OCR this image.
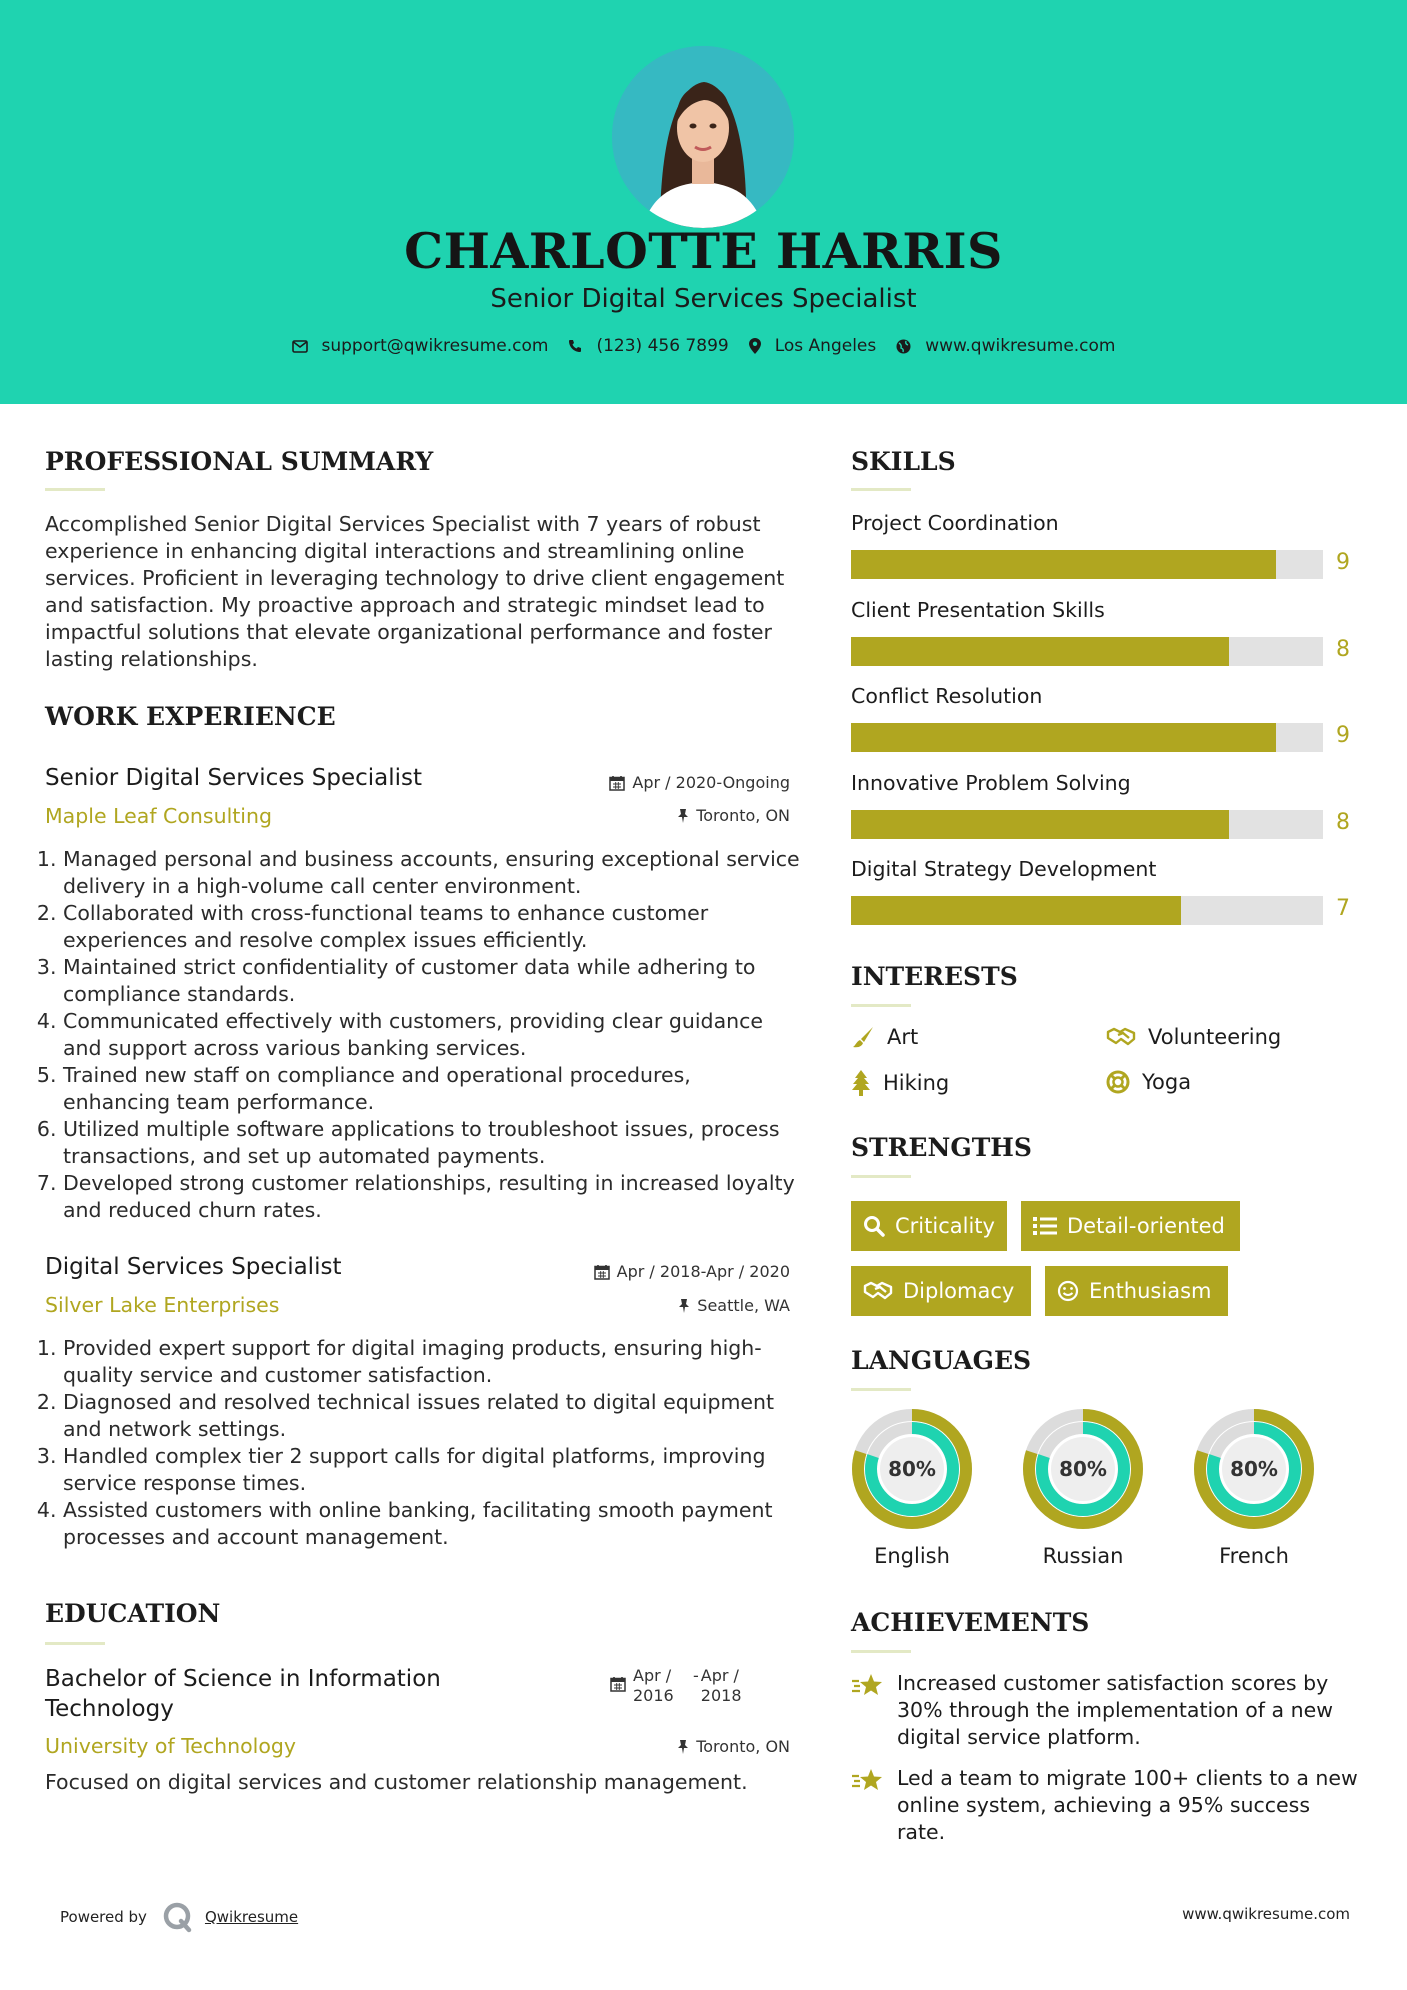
CHARLOTTE HARRIS
Senior Digital Services Specialist
support@qwikresume.com	(123) 456 7899	Los Angeles	www.qwikresume.com
PROFESSIONAL SUMMARY

Accomplished Senior Digital Services Specialist with 7 years of robust experience in enhancing digital interactions and streamlining online services. Proficient in leveraging technology to drive client engagement and satisfaction. My proactive approach and strategic mindset lead to impactful solutions that elevate organizational performance and foster lasting relationships.

WORK EXPERIENCE
Senior Digital Services Specialist	Apr / 2020-Ongoing
Maple Leaf Consulting	Toronto, ON
1. Managed personal and business accounts, ensuring exceptional service delivery in a high-volume call center environment.
2. Collaborated with cross-functional teams to enhance customer experiences and resolve complex issues efficiently.
3. Maintained strict confidentiality of customer data while adhering to compliance standards.
4. Communicated effectively with customers, providing clear guidance and support across various banking services.
5. Trained new staff on compliance and operational procedures, enhancing team performance.
6. Utilized multiple software applications to troubleshoot issues, process transactions, and set up automated payments.
7. Developed strong customer relationships, resulting in increased loyalty and reduced churn rates.
Digital Services Specialist	Apr / 2018-Apr / 2020
Silver Lake Enterprises	Seattle, WA
1. Provided expert support for digital imaging products, ensuring high-quality service and customer satisfaction.
2. Diagnosed and resolved technical issues related to digital equipment and network settings.
3. Handled complex tier 2 support calls for digital platforms, improving service response times.
4. Assisted customers with online banking, facilitating smooth payment processes and account management.
EDUCATION
Bachelor of Science in Information Technology
Apr / 2016
- Apr / 2018
University of Technology	Toronto, ON

Focused on digital services and customer relationship management.

SKILLS
Project Coordination
9
Client Presentation Skills
8
Conflict Resolution
9
Innovative Problem Solving
8
Digital Strategy Development
7
INTERESTS
Art	Volunteering
Hiking	Yoga
STRENGTHS
Criticality	Detail-oriented
Diplomacy	Enthusiasm
LANGUAGES
80%
English
80%
Russian
80%
French
ACHIEVEMENTS
Increased customer satisfaction scores by 30% through the implementation of a new digital service platform.
Led a team to migrate 100+ clients to a new online system, achieving a 95% success rate.
Powered by	Qwikresume	www.qwikresume.com
